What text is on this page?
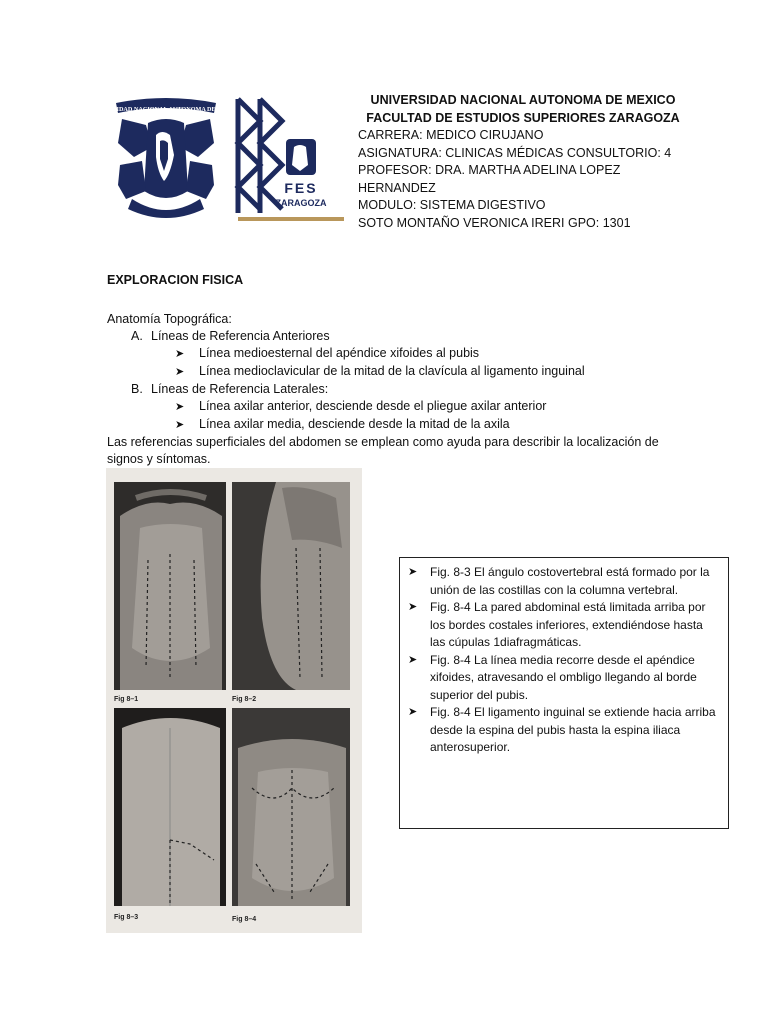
UNIVERSIDAD NACIONAL AUTONOMA DE MEXICO
FES
ZARAGOZA
UNIVERSIDAD NACIONAL AUTONOMA DE MEXICO
FACULTAD DE ESTUDIOS SUPERIORES ZARAGOZA
CARRERA: MEDICO CIRUJANO
ASIGNATURA: CLINICAS MÉDICAS CONSULTORIO: 4
PROFESOR: DRA. MARTHA ADELINA LOPEZ
HERNANDEZ
MODULO: SISTEMA DIGESTIVO
SOTO MONTAÑO VERONICA IRERI GPO: 1301
EXPLORACION FISICA
Anatomía Topográfica:
A. Líneas de Referencia Anteriores
➤	Línea medioesternal del apéndice xifoides al pubis
➤	Línea medioclavicular de la mitad de la clavícula al ligamento inguinal
B. Líneas de Referencia Laterales:
➤	Línea axilar anterior, desciende desde el pliegue axilar anterior
➤	Línea axilar media, desciende desde la mitad de la axila
Las referencias superficiales del abdomen se emplean como ayuda para describir la localización de signos y síntomas.
Fig 8–1	Fig 8–2
Fig 8–3	Fig 8–4
➤	Fig. 8-3 El ángulo costovertebral está formado por la unión de las costillas con la columna vertebral.
➤	Fig. 8-4 La pared abdominal está limitada arriba por los bordes costales inferiores, extendiéndose hasta las cúpulas 1diafragmáticas.
➤	Fig. 8-4 La línea media recorre desde el apéndice xifoides, atravesando el ombligo llegando al borde superior del pubis.
➤	Fig. 8-4 El ligamento inguinal se extiende hacia arriba desde la espina del pubis hasta la espina iliaca anterosuperior.
